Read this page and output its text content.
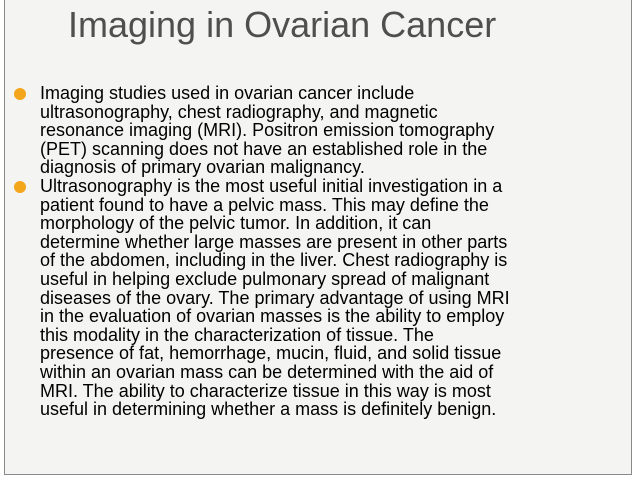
Imaging in Ovarian Cancer
Imaging studies used in ovarian cancer include
ultrasonography, chest radiography, and magnetic
resonance imaging (MRI). Positron emission tomography
(PET) scanning does not have an established role in the
diagnosis of primary ovarian malignancy.
Ultrasonography is the most useful initial investigation in a
patient found to have a pelvic mass. This may define the
morphology of the pelvic tumor. In addition, it can
determine whether large masses are present in other parts
of the abdomen, including in the liver. Chest radiography is
useful in helping exclude pulmonary spread of malignant
diseases of the ovary. The primary advantage of using MRI
in the evaluation of ovarian masses is the ability to employ
this modality in the characterization of tissue. The
presence of fat, hemorrhage, mucin, fluid, and solid tissue
within an ovarian mass can be determined with the aid of
MRI. The ability to characterize tissue in this way is most
useful in determining whether a mass is definitely benign.
